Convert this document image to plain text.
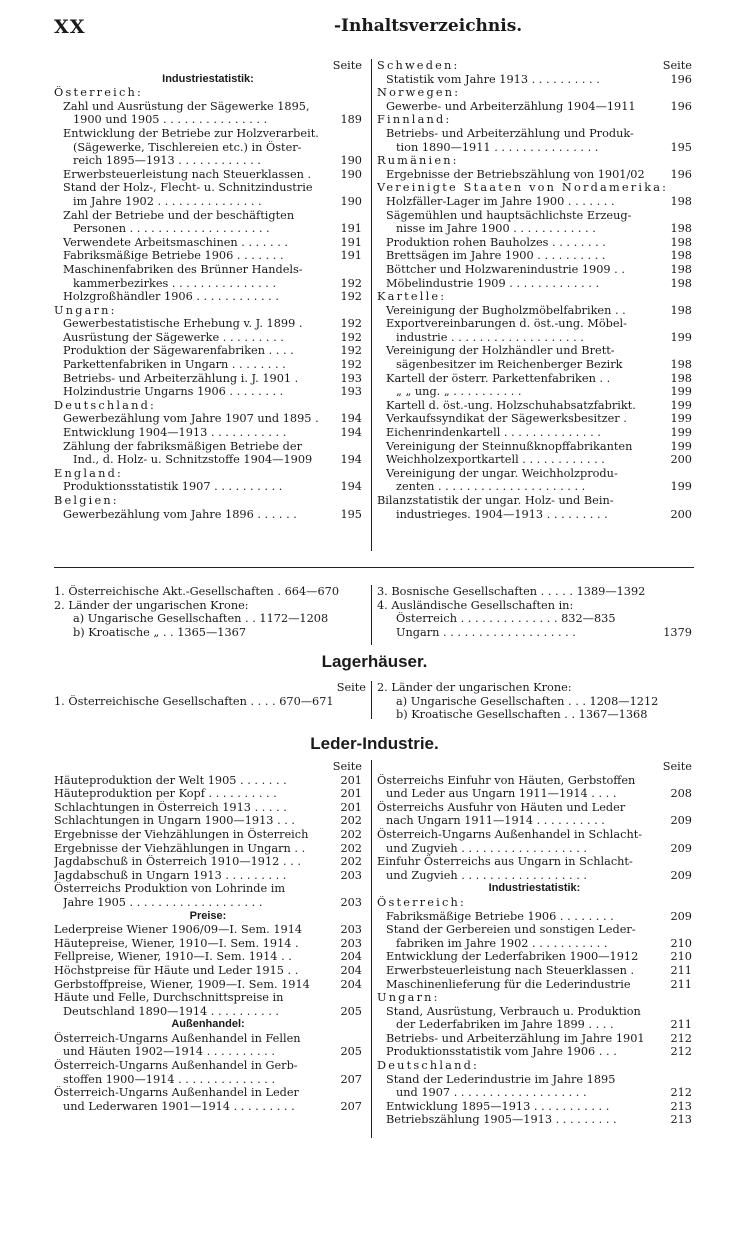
XX	-Inhaltsverzeichnis.
Seite
Industriestatistik:
Österreich:
Zahl und Ausrüstung der Sägewerke 1895,
1900 und 1905 . . . . . . . . . . . . . . .	189
Entwicklung der Betriebe zur Holzverarbeit.
(Sägewerke, Tischlereien etc.) in Öster-
reich 1895—1913 . . . . . . . . . . . .	190
Erwerbsteuerleistung nach Steuerklassen .	190
Stand der Holz-, Flecht- u. Schnitzindustrie
im Jahre 1902 . . . . . . . . . . . . . . .	190
Zahl der Betriebe und der beschäftigten
Personen . . . . . . . . . . . . . . . . . . . .	191
Verwendete Arbeitsmaschinen . . . . . . .	191
Fabriksmäßige Betriebe 1906 . . . . . . .	191
Maschinenfabriken des Brünner Handels-
kammerbezirkes . . . . . . . . . . . . . . .	192
Holzgroßhändler 1906 . . . . . . . . . . . .	192
Ungarn:
Gewerbestatistische Erhebung v. J. 1899 .	192
Ausrüstung der Sägewerke . . . . . . . . .	192
Produktion der Sägewarenfabriken . . . .	192
Parkettenfabriken in Ungarn . . . . . . . .	192
Betriebs- und Arbeiterzählung i. J. 1901 .	193
Holzindustrie Ungarns 1906 . . . . . . . .	193
Deutschland:
Gewerbezählung vom Jahre 1907 und 1895 . 194
Entwicklung 1904—1913 . . . . . . . . . . .	194
Zählung der fabriksmäßigen Betriebe der
Ind., d. Holz- u. Schnitzstoffe 1904—1909 194
England:
Produktionsstatistik 1907 . . . . . . . . . .	194
Belgien:
Gewerbezählung vom Jahre 1896 . . . . . .	195
Schweden:	Seite
Statistik vom Jahre 1913 . . . . . . . . . .	196
Norwegen:
Gewerbe- und Arbeiterzählung 1904—1911	196
Finnland:
Betriebs- und Arbeiterzählung und Produk-
tion 1890—1911 . . . . . . . . . . . . . . .	195
Rumänien:
Ergebnisse der Betriebszählung von 1901/02 196
Vereinigte Staaten von Nordamerika:
Holzfäller-Lager im Jahre 1900 . . . . . . .	198
Sägemühlen und hauptsächlichste Erzeug-
nisse im Jahre 1900 . . . . . . . . . . . .	198
Produktion rohen Bauholzes . . . . . . . .	198
Brettsägen im Jahre 1900 . . . . . . . . . .	198
Böttcher und Holzwarenindustrie 1909 . .	198
Möbelindustrie 1909 . . . . . . . . . . . . .	198
Kartelle:
Vereinigung der Bugholzmöbelfabriken . .	198
Exportvereinbarungen d. öst.-ung. Möbel-
industrie . . . . . . . . . . . . . . . . . . .	199
Vereinigung der Holzhändler und Brett-
sägenbesitzer im Reichenberger Bezirk	198
Kartell der österr. Parkettenfabriken . .	198
„ „ ung. „ . . . . . . . . . .	199
Kartell d. öst.-ung. Holzschuhabsatzfabrikt.	199
Verkaufssyndikat der Sägewerksbesitzer .	199
Eichenrindenkartell . . . . . . . . . . . . . .	199
Vereinigung der Steinnußknopffabrikanten	199
Weichholzexportkartell . . . . . . . . . . . .	200
Vereinigung der ungar. Weichholzprodu-
zenten . . . . . . . . . . . . . . . . . . . . .	199
Bilanzstatistik der ungar. Holz- und Bein-
industrieges. 1904—1913 . . . . . . . . .	200
1. Österreichische Akt.-Gesellschaften . 664—670
2. Länder der ungarischen Krone:
a) Ungarische Gesellschaften . . 1172—1208
b) Kroatische „ . . 1365—1367
3. Bosnische Gesellschaften . . . . . 1389—1392
4. Ausländische Gesellschaften in:
Österreich . . . . . . . . . . . . . . 832—835
Ungarn . . . . . . . . . . . . . . . . . . .	1379
Lagerhäuser.
Seite
1. Österreichische Gesellschaften . . . . 670—671
2. Länder der ungarischen Krone:
a) Ungarische Gesellschaften . . . 1208—1212
b) Kroatische Gesellschaften . . 1367—1368
Leder-Industrie.
Seite
Häuteproduktion der Welt 1905 . . . . . . .	201
Häuteproduktion per Kopf . . . . . . . . . .	201
Schlachtungen in Österreich 1913 . . . . .	201
Schlachtungen in Ungarn 1900—1913 . . .	202
Ergebnisse der Viehzählungen in Österreich	202
Ergebnisse der Viehzählungen in Ungarn . .	202
Jagdabschuß in Österreich 1910—1912 . . .	202
Jagdabschuß in Ungarn 1913 . . . . . . . . .	203
Österreichs Produktion von Lohrinde im
Jahre 1905 . . . . . . . . . . . . . . . . . . .	203
Preise:
Lederpreise Wiener 1906/09—I. Sem. 1914	203
Häutepreise, Wiener, 1910—I. Sem. 1914 .	203
Fellpreise, Wiener, 1910—I. Sem. 1914 . .	204
Höchstpreise für Häute und Leder 1915 . .	204
Gerbstoffpreise, Wiener, 1909—I. Sem. 1914	204
Häute und Felle, Durchschnittspreise in
Deutschland 1890—1914 . . . . . . . . . .	205
Außenhandel:
Österreich-Ungarns Außenhandel in Fellen
und Häuten 1902—1914 . . . . . . . . . .	205
Österreich-Ungarns Außenhandel in Gerb-
stoffen 1900—1914 . . . . . . . . . . . . . .	207
Österreich-Ungarns Außenhandel in Leder
und Lederwaren 1901—1914 . . . . . . . . .	207
Seite
Österreichs Einfuhr von Häuten, Gerbstoffen
und Leder aus Ungarn 1911—1914 . . . .	208
Österreichs Ausfuhr von Häuten und Leder
nach Ungarn 1911—1914 . . . . . . . . . .	209
Österreich-Ungarns Außenhandel in Schlacht-
und Zugvieh . . . . . . . . . . . . . . . . . .	209
Einfuhr Österreichs aus Ungarn in Schlacht-
und Zugvieh . . . . . . . . . . . . . . . . . .	209
Industriestatistik:
Österreich:
Fabriksmäßige Betriebe 1906 . . . . . . . .	209
Stand der Gerbereien und sonstigen Leder-
fabriken im Jahre 1902 . . . . . . . . . . .	210
Entwicklung der Lederfabriken 1900—1912	210
Erwerbsteuerleistung nach Steuerklassen .	211
Maschinenlieferung für die Lederindustrie	211
Ungarn:
Stand, Ausrüstung, Verbrauch u. Produktion
der Lederfabriken im Jahre 1899 . . . .	211
Betriebs- und Arbeiterzählung im Jahre 1901 212
Produktionsstatistik vom Jahre 1906 . . .	212
Deutschland:
Stand der Lederindustrie im Jahre 1895
und 1907 . . . . . . . . . . . . . . . . . . .	212
Entwicklung 1895—1913 . . . . . . . . . . .	213
Betriebszählung 1905—1913 . . . . . . . . .	213
